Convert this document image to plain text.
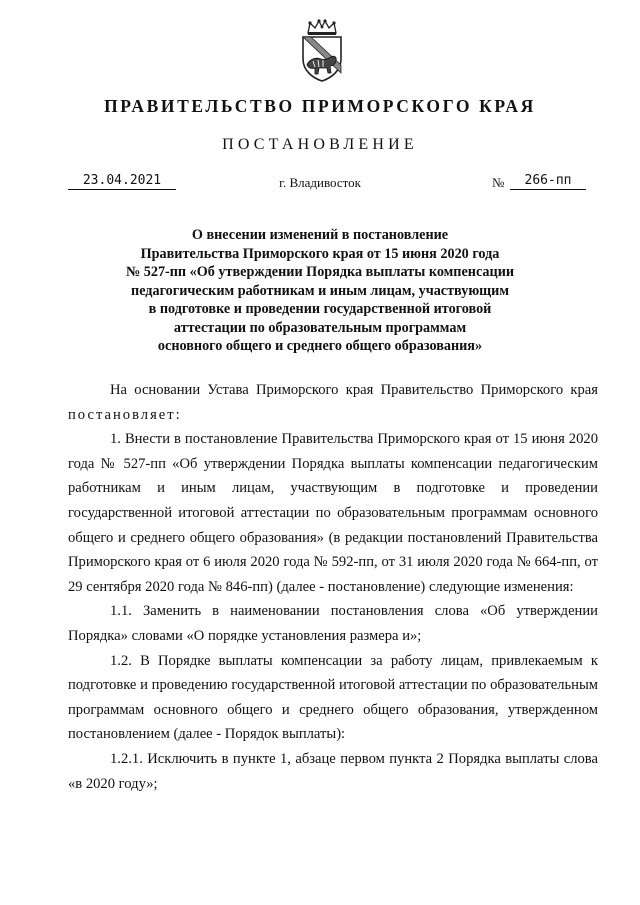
ПРАВИТЕЛЬСТВО ПРИМОРСКОГО КРАЯ
ПОСТАНОВЛЕНИЕ
23.04.2021	г. Владивосток	№	266-пп
О внесении изменений в постановление
Правительства Приморского края от 15 июня 2020 года
№ 527-пп «Об утверждении Порядка выплаты компенсации
педагогическим работникам и иным лицам, участвующим
в подготовке и проведении государственной итоговой
аттестации по образовательным программам
основного общего и среднего общего образования»

На основании Устава Приморского края Правительство Приморского края постановляет:

1. Внести в постановление Правительства Приморского края от 15 июня 2020 года № 527-пп «Об утверждении Порядка выплаты компенсации педагогическим работникам и иным лицам, участвующим в подготовке и проведении государственной итоговой аттестации по образовательным программам основного общего и среднего общего образования» (в редакции постановлений Правительства Приморского края от 6 июля 2020 года № 592-пп, от 31 июля 2020 года № 664-пп, от 29 сентября 2020 года № 846-пп) (далее - постановление) следующие изменения:

1.1. Заменить в наименовании постановления слова «Об утверждении Порядка» словами «О порядке установления размера и»;

1.2. В Порядке выплаты компенсации за работу лицам, привлекаемым к подготовке и проведению государственной итоговой аттестации по образовательным программам основного общего и среднего общего образования, утвержденном постановлением (далее - Порядок выплаты):

1.2.1. Исключить в пункте 1, абзаце первом пункта 2 Порядка выплаты слова «в 2020 году»;
